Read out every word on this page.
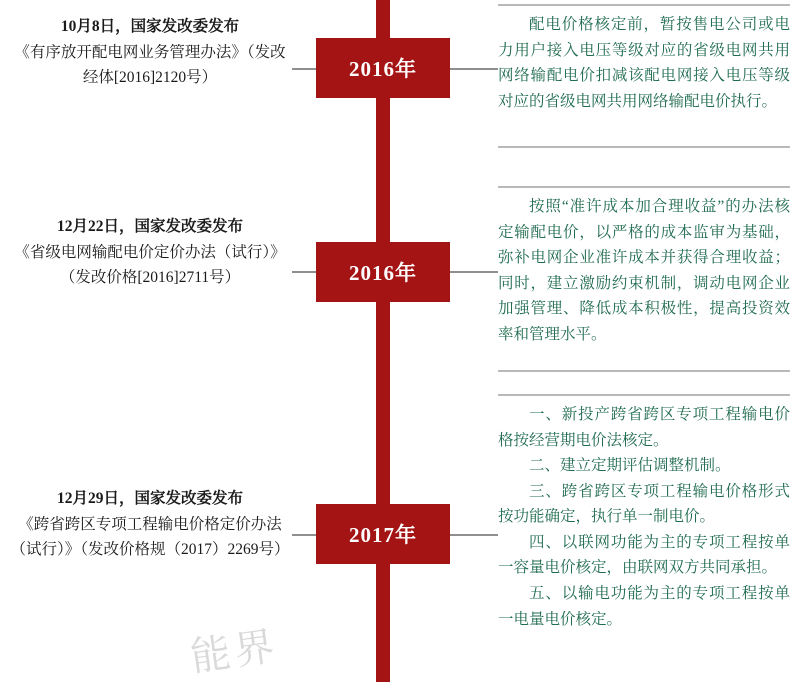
10月8日，国家发改委发布
《有序放开配电网业务管理办法》（发改经体[2016]2120号）	2016年

配电价格核定前，暂按售电公司或电力用户接入电压等级对应的省级电网共用网络输配电价扣减该配电网接入电压等级对应的省级电网共用网络输配电价执行。

12月22日，国家发改委发布
《省级电网输配电价定价办法（试行）》（发改价格[2016]2711号）	2016年

按照“准许成本加合理收益”的办法核定输配电价，以严格的成本监审为基础，弥补电网企业准许成本并获得合理收益；同时，建立激励约束机制，调动电网企业加强管理、降低成本积极性，提高投资效率和管理水平。

12月29日，国家发改委发布
《跨省跨区专项工程输电价格定价办法（试行）》（发改价格规（2017）2269号）
2017年

一、新投产跨省跨区专项工程输电价格按经营期电价法核定。

二、建立定期评估调整机制。

三、跨省跨区专项工程输电价格形式按功能确定，执行单一制电价。

四、以联网功能为主的专项工程按单一容量电价核定，由联网双方共同承担。

五、以输电功能为主的专项工程按单一电量电价核定。

能界
